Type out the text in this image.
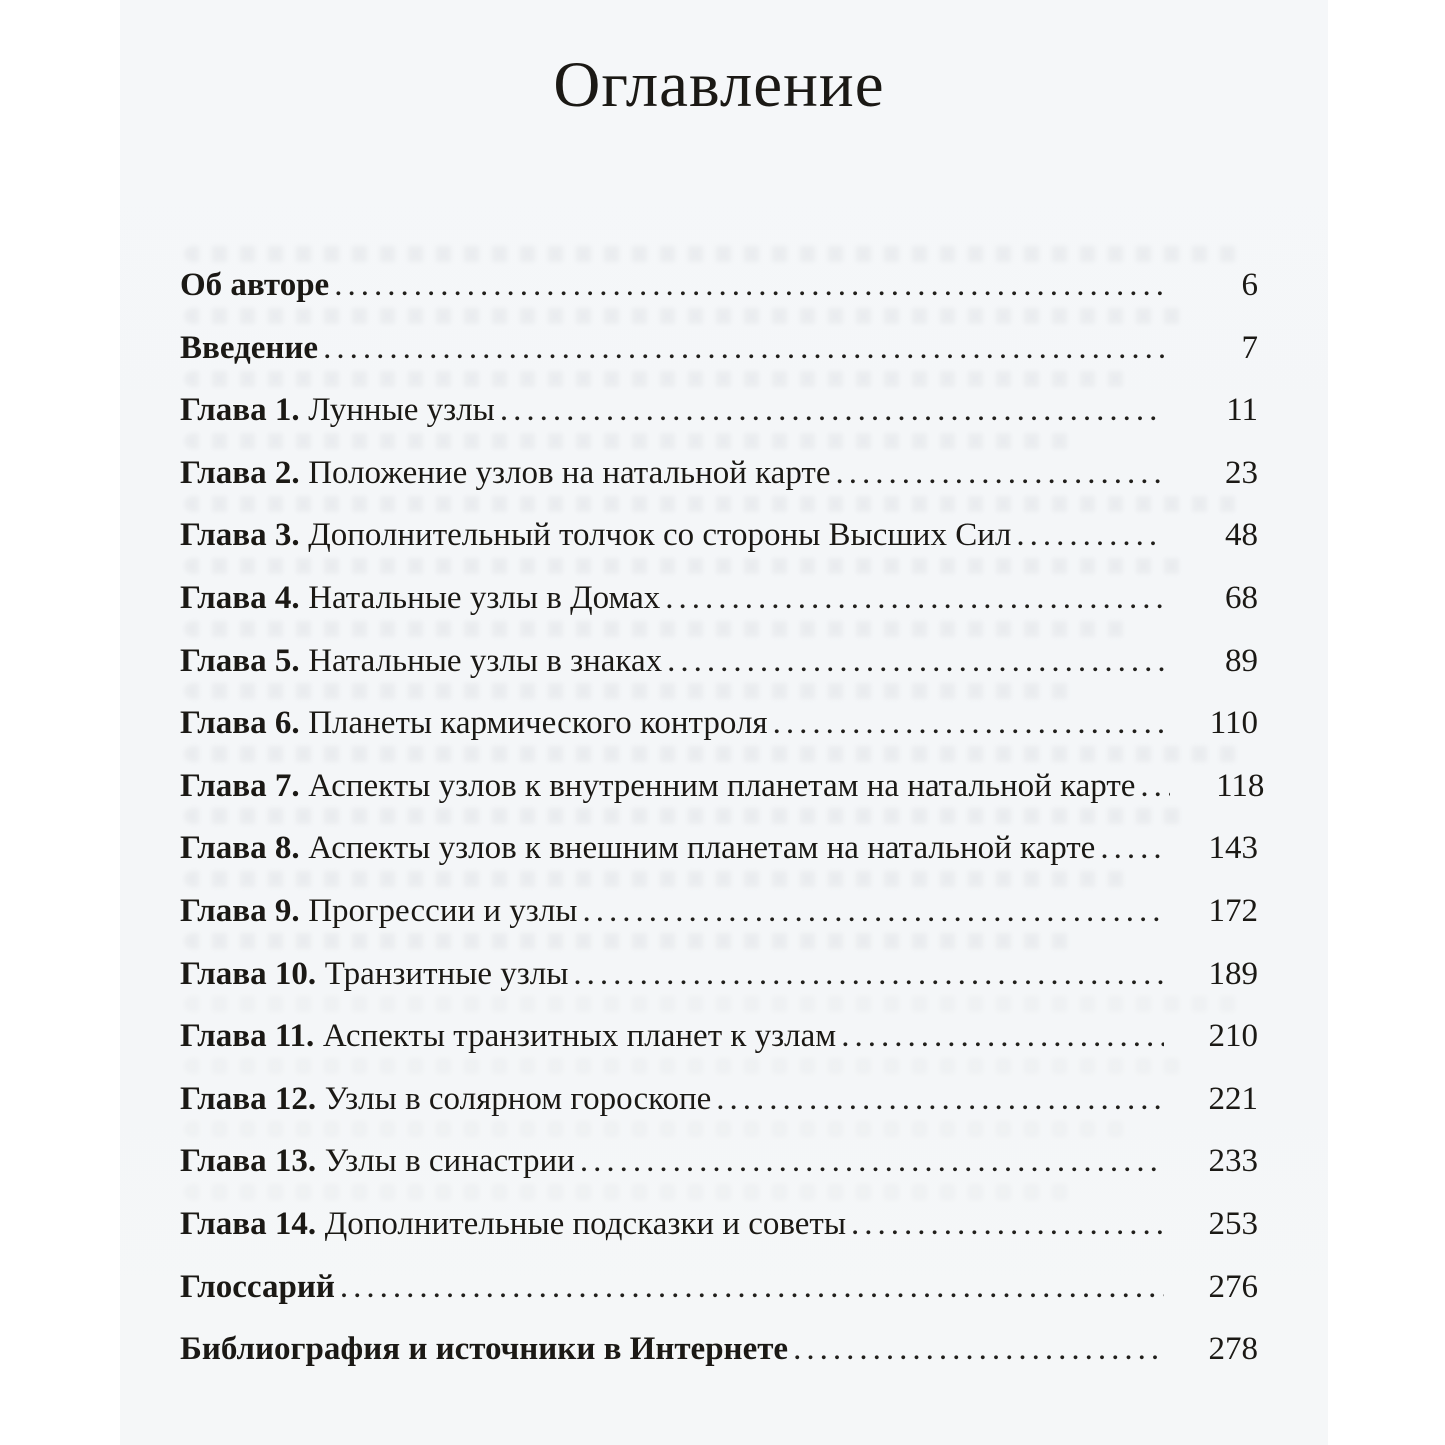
Оглавление
Об авторе .....	6
Введение .....	7
Глава 1. Лунные узлы .....	11
Глава 2. Положение узлов на натальной карте .....	23
Глава 3. Дополнительный толчок со стороны Высших Сил .....	48
Глава 4. Натальные узлы в Домах .....	68
Глава 5. Натальные узлы в знаках .....	89
Глава 6. Планеты кармического контроля .....	110
Глава 7. Аспекты узлов к внутренним планетам на натальной карте .....	118
Глава 8. Аспекты узлов к внешним планетам на натальной карте .....	143
Глава 9. Прогрессии и узлы .....	172
Глава 10. Транзитные узлы .....	189
Глава 11. Аспекты транзитных планет к узлам .....	210
Глава 12. Узлы в солярном гороскопе .....	221
Глава 13. Узлы в синастрии .....	233
Глава 14. Дополнительные подсказки и советы .....	253
Глоссарий .....	276
Библиография и источники в Интернете .....	278
